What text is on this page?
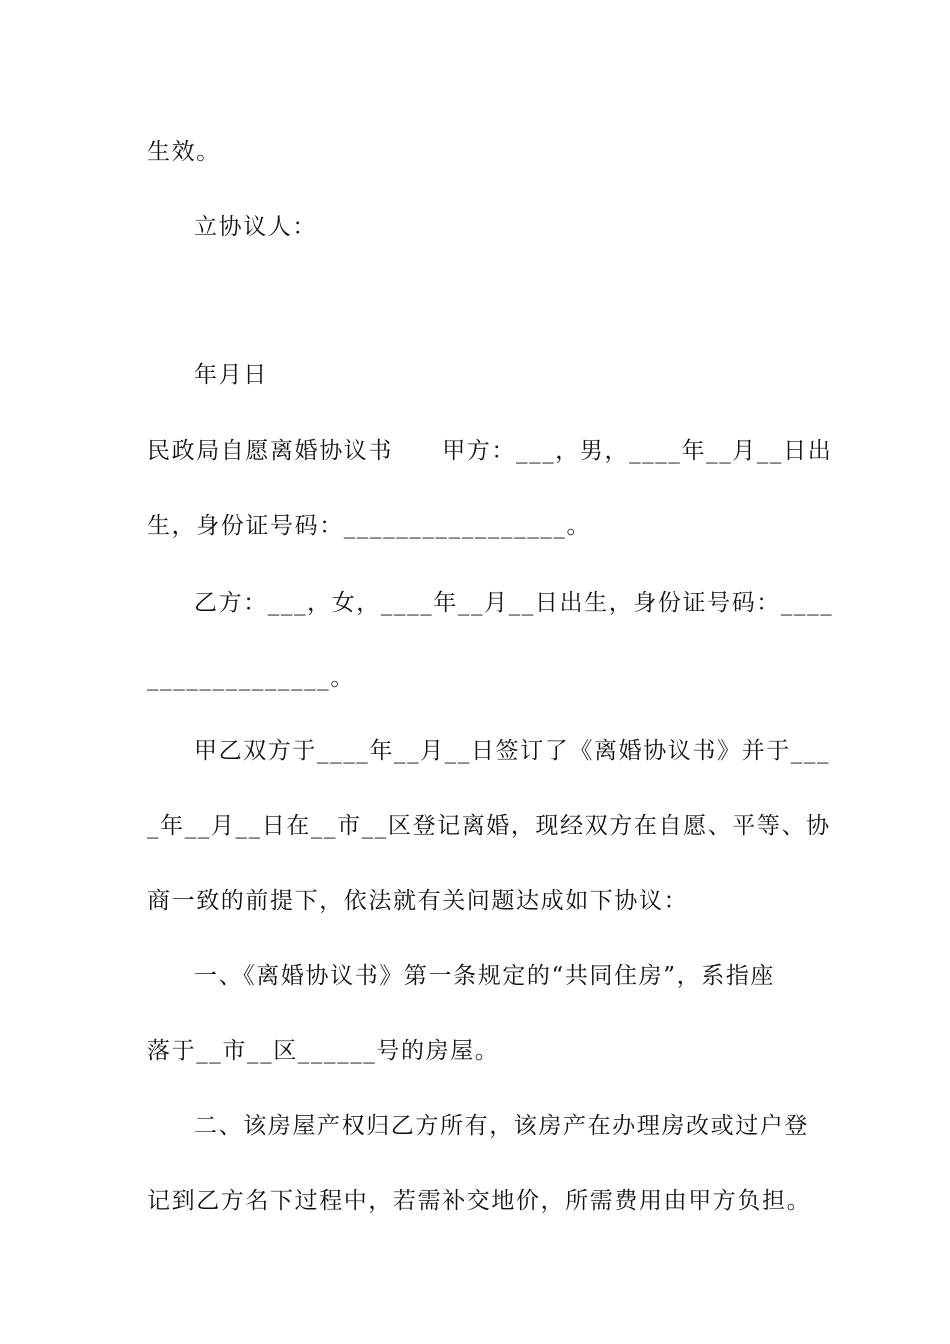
生效。
立协议人：
年月日
民政局自愿离婚协议书　　甲方：___，男，____年__月__日出
生，身份证号码：_________________。
乙方：___，女，____年__月__日出生，身份证号码：____
______________。
甲乙双方于____年__月__日签订了《离婚协议书》并于___
_年__月__日在__市__区登记离婚，现经双方在自愿、平等、协
商一致的前提下，依法就有关问题达成如下协议：
一、《离婚协议书》第一条规定的“共同住房”，系指座
落于__市__区______号的房屋。
二、该房屋产权归乙方所有，该房产在办理房改或过户登
记到乙方名下过程中，若需补交地价，所需费用由甲方负担。
